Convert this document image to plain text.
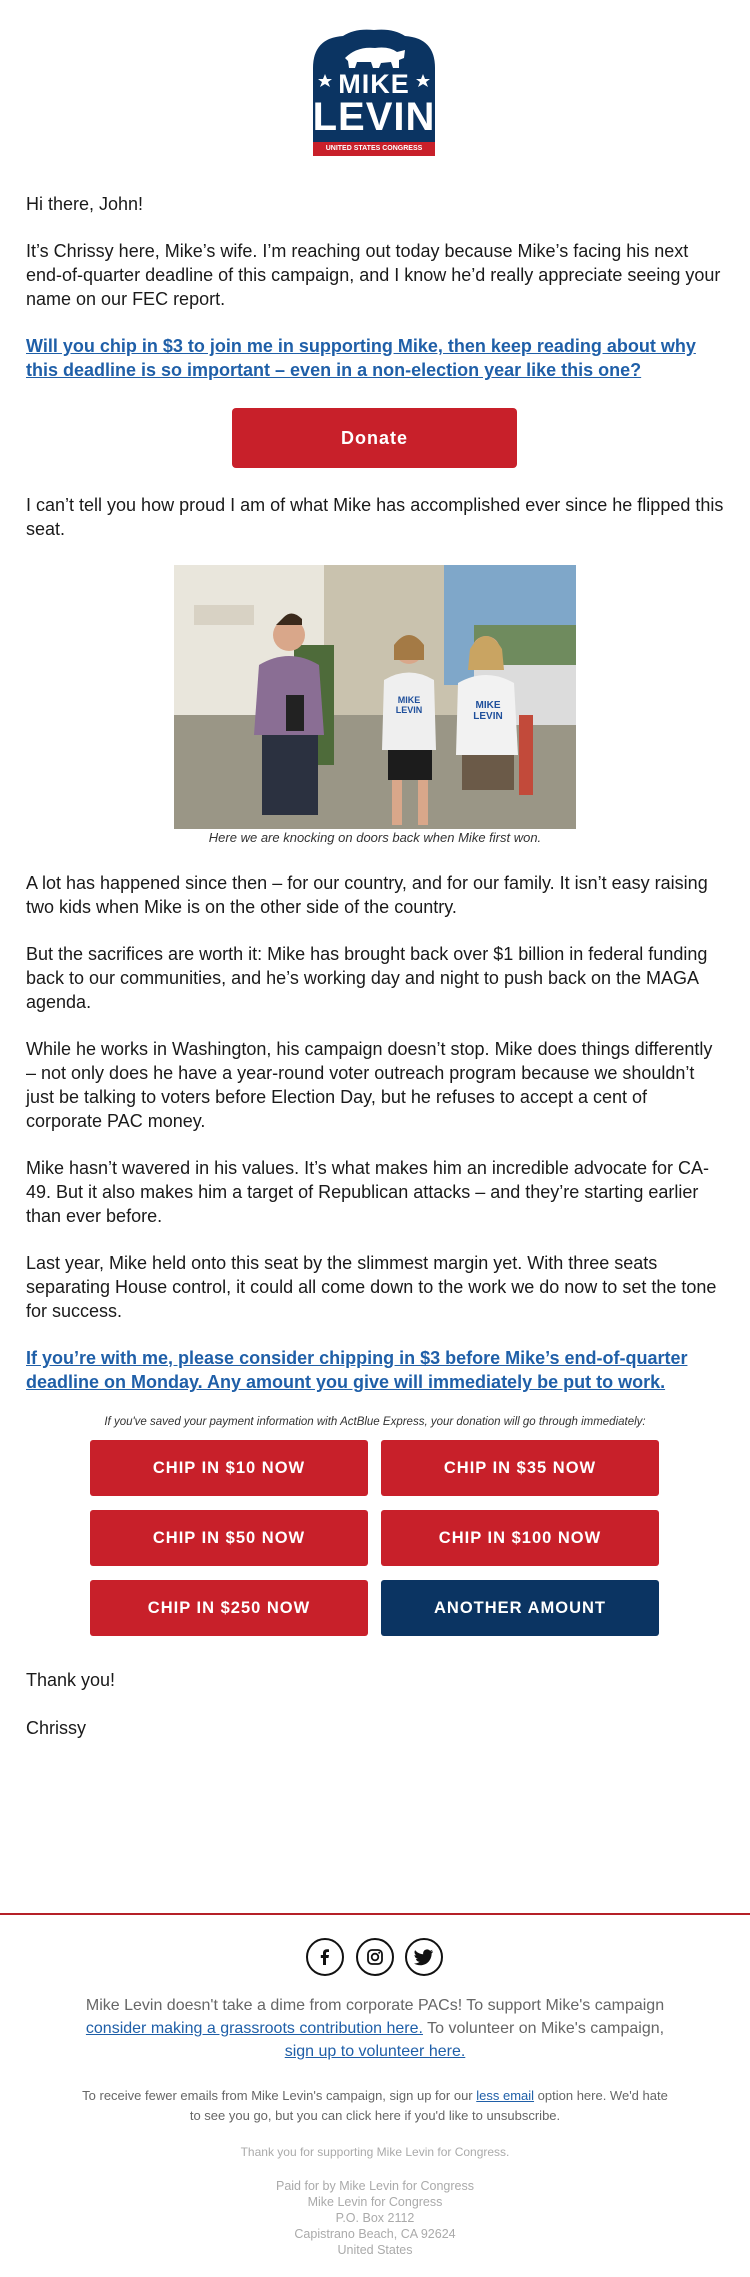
MIKE
LEVIN
UNITED STATES CONGRESS
Hi there, John!
It’s Chrissy here, Mike’s wife. I’m reaching out today because Mike’s facing his next end-of-quarter deadline of this campaign, and I know he’d really appreciate seeing your name on our FEC report.
Will you chip in $3 to join me in supporting Mike, then keep reading about why this deadline is so important – even in a non-election year like this one?
Donate
I can’t tell you how proud I am of what Mike has accomplished ever since he flipped this seat.
MIKE LEVIN	MIKE LEVIN
Here we are knocking on doors back when Mike first won.
A lot has happened since then – for our country, and for our family. It isn’t easy raising two kids when Mike is on the other side of the country.
But the sacrifices are worth it: Mike has brought back over $1 billion in federal funding back to our communities, and he’s working day and night to push back on the MAGA agenda.
While he works in Washington, his campaign doesn’t stop. Mike does things differently – not only does he have a year-round voter outreach program because we shouldn’t just be talking to voters before Election Day, but he refuses to accept a cent of corporate PAC money.
Mike hasn’t wavered in his values. It’s what makes him an incredible advocate for CA-49. But it also makes him a target of Republican attacks – and they’re starting earlier than ever before.
Last year, Mike held onto this seat by the slimmest margin yet. With three seats separating House control, it could all come down to the work we do now to set the tone for success.
If you’re with me, please consider chipping in $3 before Mike’s end-of-quarter deadline on Monday. Any amount you give will immediately be put to work.
If you've saved your payment information with ActBlue Express, your donation will go through immediately:
CHIP IN $10 NOW	CHIP IN $35 NOW
CHIP IN $50 NOW	CHIP IN $100 NOW
CHIP IN $250 NOW	ANOTHER AMOUNT
Thank you!
Chrissy
Mike Levin doesn't take a dime from corporate PACs! To support Mike's campaign consider making a grassroots contribution here. To volunteer on Mike's campaign, sign up to volunteer here.
To receive fewer emails from Mike Levin's campaign, sign up for our less email option here. We'd hate to see you go, but you can click here if you'd like to unsubscribe.
Thank you for supporting Mike Levin for Congress.
Paid for by Mike Levin for Congress
Mike Levin for Congress
P.O. Box 2112
Capistrano Beach, CA 92624
United States
